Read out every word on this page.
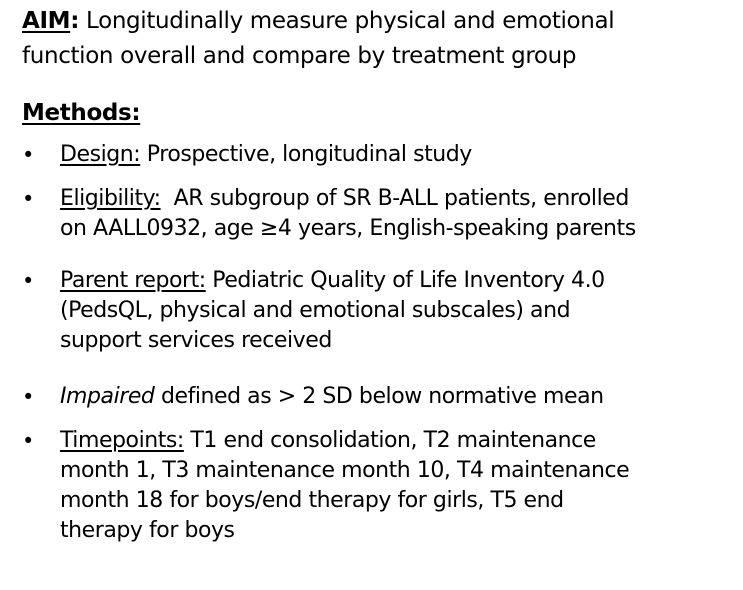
AIM: Longitudinally measure physical and emotional
function overall and compare by treatment group

Methods:
• Design: Prospective, longitudinal study

• Eligibility: AR subgroup of SR B-ALL patients, enrolled
on AALL0932, age ≥4 years, English-speaking parents

• Parent report: Pediatric Quality of Life Inventory 4.0
(PedsQL, physical and emotional subscales) and
support services received

• Impaired defined as > 2 SD below normative mean

• Timepoints: T1 end consolidation, T2 maintenance
month 1, T3 maintenance month 10, T4 maintenance
month 18 for boys/end therapy for girls, T5 end
therapy for boys
